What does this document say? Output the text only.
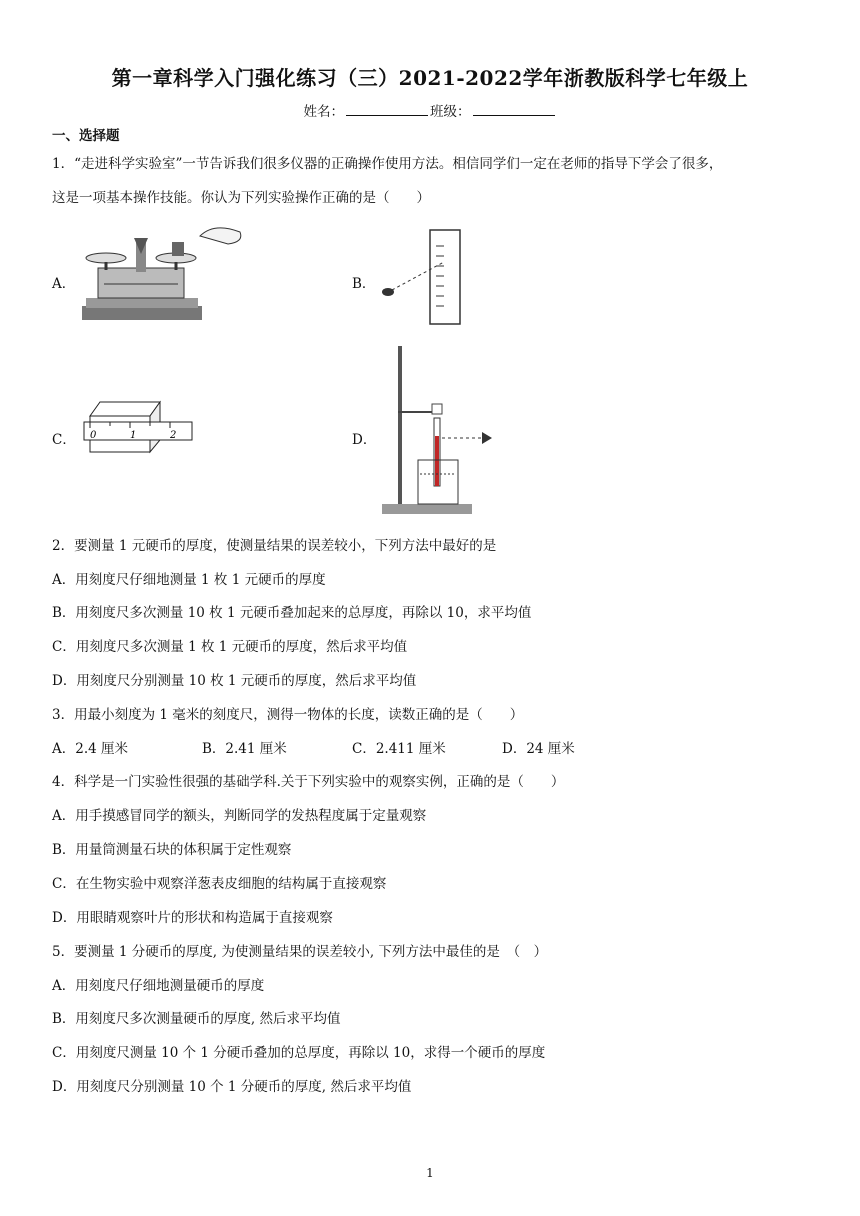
第一章科学入门强化练习（三）2021-2022学年浙教版科学七年级上
姓名：	班级：
一、选择题
1．“走进科学实验室”一节告诉我们很多仪器的正确操作使用方法。相信同学们一定在老师的指导下学会了很多，
这是一项基本操作技能。你认为下列实验操作正确的是（　　）
A．	B．
C． 0	1	2	D．
2．要测量 1 元硬币的厚度，使测量结果的误差较小，下列方法中最好的是
A．用刻度尺仔细地测量 1 枚 1 元硬币的厚度
B．用刻度尺多次测量 10 枚 1 元硬币叠加起来的总厚度，再除以 10，求平均值
C．用刻度尺多次测量 1 枚 1 元硬币的厚度，然后求平均值
D．用刻度尺分别测量 10 枚 1 元硬币的厚度，然后求平均值
3．用最小刻度为 1 毫米的刻度尺，测得一物体的长度，读数正确的是（　　）
A．2.4 厘米	B．2.41 厘米	C．2.411 厘米	D．24 厘米
4．科学是一门实验性很强的基础学科.关于下列实验中的观察实例，正确的是（　　）
A．用手摸感冒同学的额头，判断同学的发热程度属于定量观察
B．用量筒测量石块的体积属于定性观察
C．在生物实验中观察洋葱表皮细胞的结构属于直接观察
D．用眼睛观察叶片的形状和构造属于直接观察
5．要测量 1 分硬币的厚度, 为使测量结果的误差较小, 下列方法中最佳的是　（　）
A．用刻度尺仔细地测量硬币的厚度
B．用刻度尺多次测量硬币的厚度, 然后求平均值
C．用刻度尺测量 10 个 1 分硬币叠加的总厚度，再除以 10，求得一个硬币的厚度
D．用刻度尺分别测量 10 个 1 分硬币的厚度, 然后求平均值
1
